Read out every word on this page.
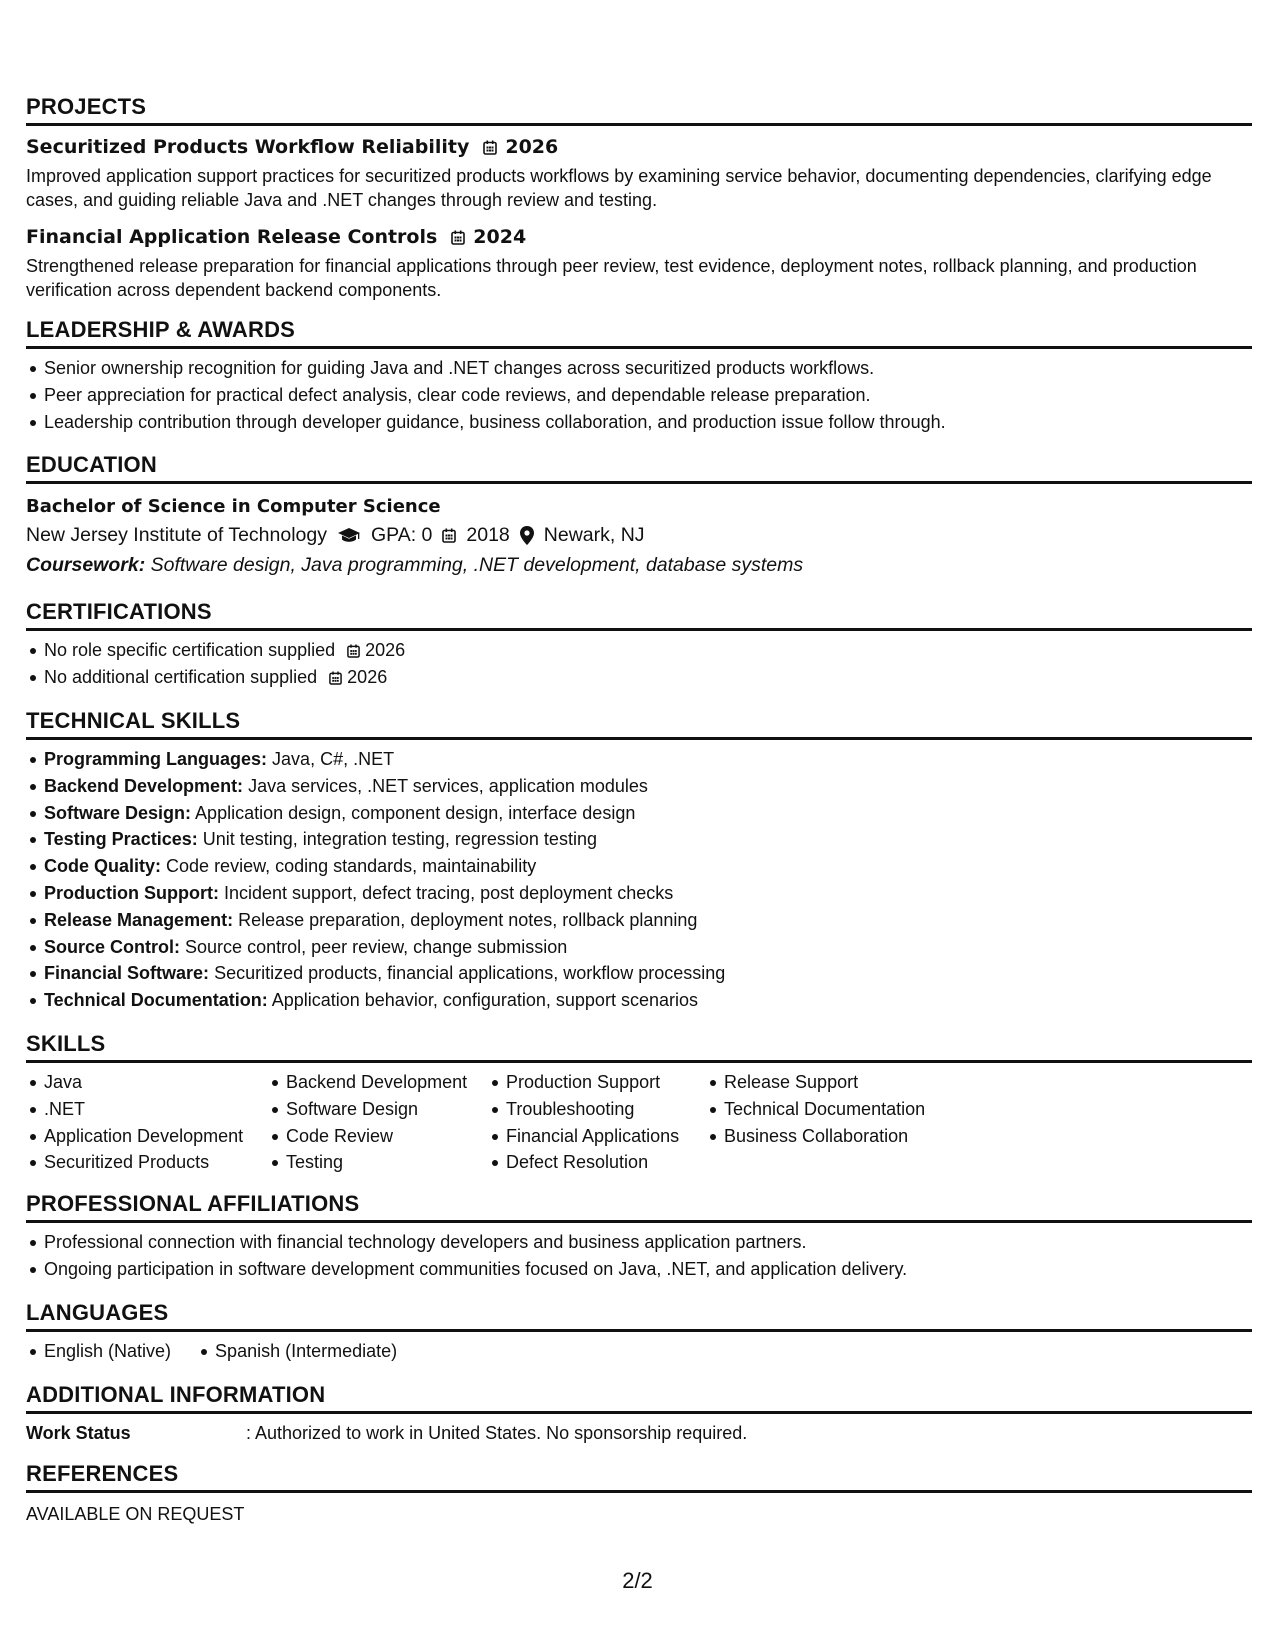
PROJECTS
Securitized Products Workflow Reliability 2026

Improved application support practices for securitized products workflows by examining service behavior, documenting dependencies, clarifying edge cases, and guiding reliable Java and .NET changes through review and testing.

Financial Application Release Controls 2024

Strengthened release preparation for financial applications through peer review, test evidence, deployment notes, rollback planning, and production verification across dependent backend components.

LEADERSHIP & AWARDS
Senior ownership recognition for guiding Java and .NET changes across securitized products workflows.
Peer appreciation for practical defect analysis, clear code reviews, and dependable release preparation.
Leadership contribution through developer guidance, business collaboration, and production issue follow through.
EDUCATION
Bachelor of Science in Computer Science
New Jersey Institute of Technology GPA: 0 2018 Newark, NJ
Coursework: Software design, Java programming, .NET development, database systems
CERTIFICATIONS
No role specific certification supplied 2026
No additional certification supplied 2026
TECHNICAL SKILLS
Programming Languages: Java, C#, .NET
Backend Development: Java services, .NET services, application modules
Software Design: Application design, component design, interface design
Testing Practices: Unit testing, integration testing, regression testing
Code Quality: Code review, coding standards, maintainability
Production Support: Incident support, defect tracing, post deployment checks
Release Management: Release preparation, deployment notes, rollback planning
Source Control: Source control, peer review, change submission
Financial Software: Securitized products, financial applications, workflow processing
Technical Documentation: Application behavior, configuration, support scenarios
SKILLS
Java
.NET
Application Development
Securitized Products
Backend Development
Software Design
Code Review
Testing
Production Support
Troubleshooting
Financial Applications
Defect Resolution
Release Support
Technical Documentation
Business Collaboration
PROFESSIONAL AFFILIATIONS
Professional connection with financial technology developers and business application partners.
Ongoing participation in software development communities focused on Java, .NET, and application delivery.
LANGUAGES
English (Native) Spanish (Intermediate)
ADDITIONAL INFORMATION
Work Status	: Authorized to work in United States. No sponsorship required.
REFERENCES
AVAILABLE ON REQUEST
2/2
